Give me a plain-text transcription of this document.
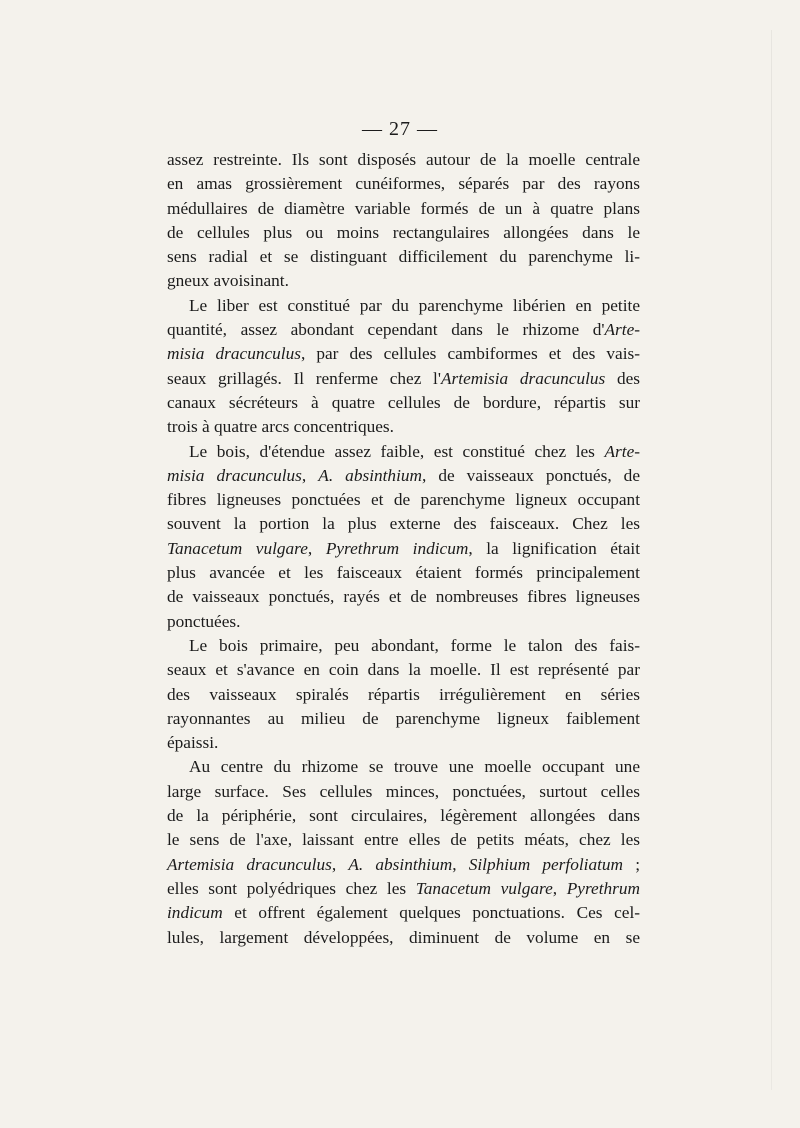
— 27 —
assez restreinte. Ils sont disposés autour de la moelle centrale
en amas grossièrement cunéiformes, séparés par des rayons
médullaires de diamètre variable formés de un à quatre plans
de cellules plus ou moins rectangulaires allongées dans le
sens radial et se distinguant difficilement du parenchyme li-
gneux avoisinant.
Le liber est constitué par du parenchyme libérien en petite
quantité, assez abondant cependant dans le rhizome d'Arte-
misia dracunculus, par des cellules cambiformes et des vais-
seaux grillagés. Il renferme chez l'Artemisia dracunculus des
canaux sécréteurs à quatre cellules de bordure, répartis sur
trois à quatre arcs concentriques.
Le bois, d'étendue assez faible, est constitué chez les Arte-
misia dracunculus, A. absinthium, de vaisseaux ponctués, de
fibres ligneuses ponctuées et de parenchyme ligneux occupant
souvent la portion la plus externe des faisceaux. Chez les
Tanacetum vulgare, Pyrethrum indicum, la lignification était
plus avancée et les faisceaux étaient formés principalement
de vaisseaux ponctués, rayés et de nombreuses fibres ligneuses
ponctuées.
Le bois primaire, peu abondant, forme le talon des fais-
seaux et s'avance en coin dans la moelle. Il est représenté par
des vaisseaux spiralés répartis irrégulièrement en séries
rayonnantes au milieu de parenchyme ligneux faiblement
épaissi.
Au centre du rhizome se trouve une moelle occupant une
large surface. Ses cellules minces, ponctuées, surtout celles
de la périphérie, sont circulaires, légèrement allongées dans
le sens de l'axe, laissant entre elles de petits méats, chez les
Artemisia dracunculus, A. absinthium, Silphium perfoliatum ;
elles sont polyédriques chez les Tanacetum vulgare, Pyrethrum
indicum et offrent également quelques ponctuations. Ces cel-
lules, largement développées, diminuent de volume en se
